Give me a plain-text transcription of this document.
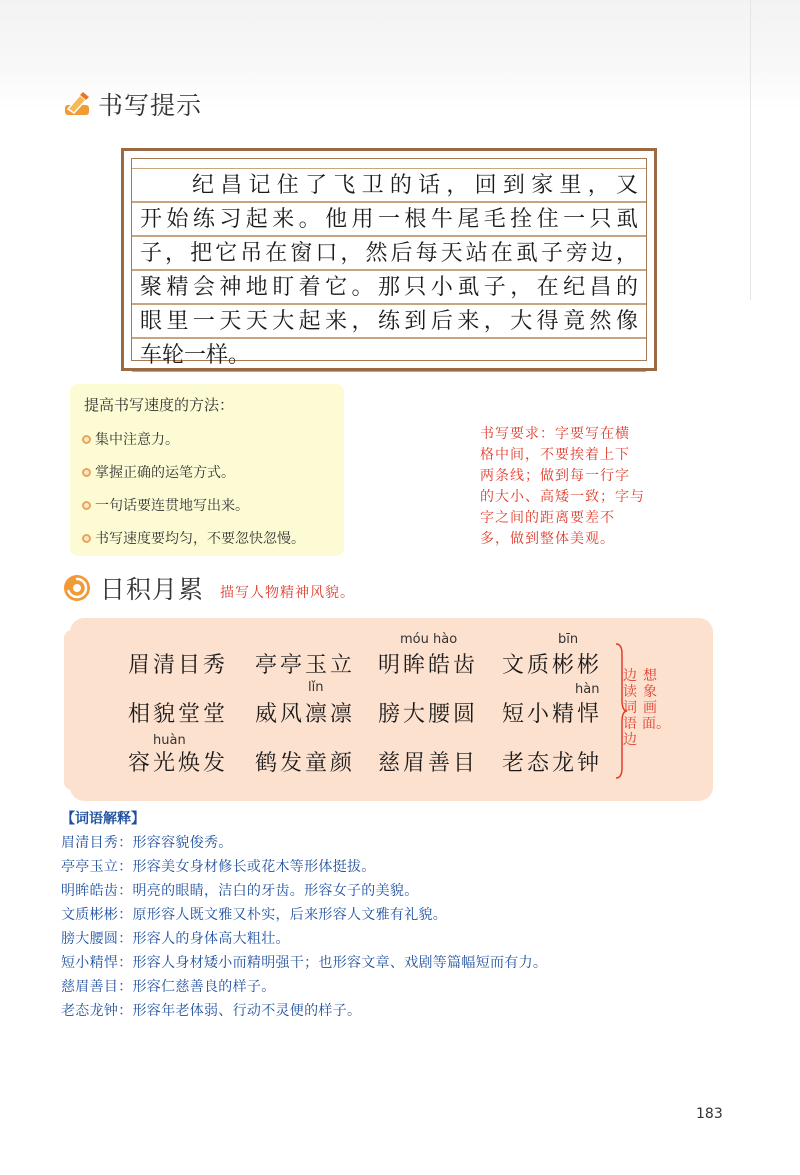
书写提示
纪昌记住了飞卫的话，回到家里，又
开始练习起来。他用一根牛尾毛拴住一只虱
子，把它吊在窗口，然后每天站在虱子旁边，
聚精会神地盯着它。那只小虱子，在纪昌的
眼里一天天大起来，练到后来，大得竟然像
车轮一样。
提高书写速度的方法：
集中注意力。
掌握正确的运笔方式。
一句话要连贯地写出来。
书写速度要均匀，不要忽快忽慢。
书写要求：字要写在横
格中间，不要挨着上下
两条线；做到每一行字
的大小、高矮一致；字与
字之间的距离要差不
多，做到整体美观。
日积月累 描写人物精神风貌。
móu hào	bīn
lǐn	hàn
huàn
眉清目秀 亭亭玉立 明眸皓齿 文质彬彬
相貌堂堂 威风凛凛 膀大腰圆 短小精悍
容光焕发 鹤发童颜 慈眉善目 老态龙钟
边读词语边
想象画面。
【词语解释】
眉清目秀：形容容貌俊秀。
亭亭玉立：形容美女身材修长或花木等形体挺拔。
明眸皓齿：明亮的眼睛，洁白的牙齿。形容女子的美貌。
文质彬彬：原形容人既文雅又朴实，后来形容人文雅有礼貌。
膀大腰圆：形容人的身体高大粗壮。
短小精悍：形容人身材矮小而精明强干；也形容文章、戏剧等篇幅短而有力。
慈眉善目：形容仁慈善良的样子。
老态龙钟：形容年老体弱、行动不灵便的样子。
183
